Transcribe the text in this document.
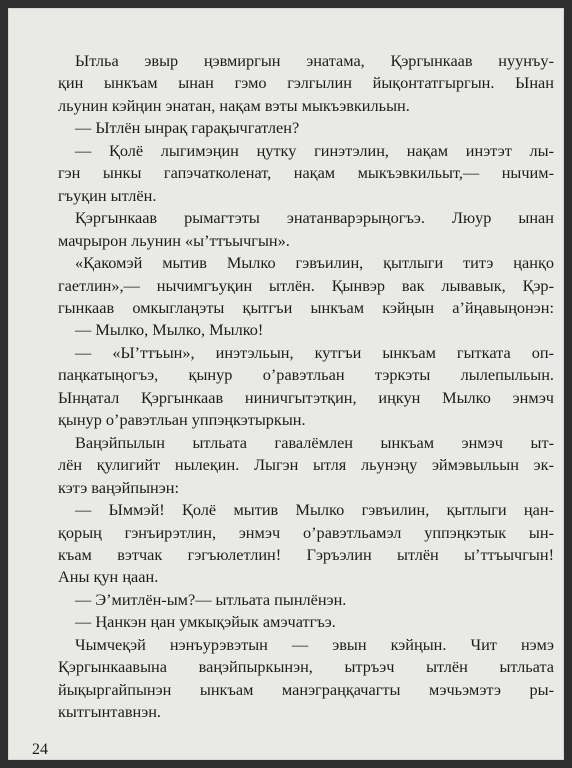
Ытльа эвыр ңэвмиргын энатама, Қэргынкаав нуунъу-
қин ынкъам ынан гэмо гэлгылин йықонтатгыргын. Ынан
льунин кэйңин энатан, нақам вэты мыкъэвкильын.
— Ытлён ынрақ гарақычгатлен?
— Қолё лыгимэңин ңутку гинэтэлин, нақам инэтэт лы-
гэн ынкы гапэчатколенат, нақам мыкъэвкильыт,— нычим-
гъуқин ытлён.
Қэргынкаав рымагтэты энатанварэрыңогъэ. Люур ынан
мачрырон льунин «ы’ттъычгын».
«Қакомэй мытив Мылко гэвъилин, қытлыги титэ ңанқо
гаетлин»,— нычимгъуқин ытлён. Қынвэр вак лывавык, Қэр-
гынкаав омкыглаңэты қытгъи ынкъам кэйңын а’йңавыңонэн:
— Мылко, Мылко, Мылко!
— «Ы’ттъын», инэтэльын, кутгъи ынкъам гытката оп-
паңкатыңогъэ, қынур о’равэтльан тэркэты лылепыльын.
Ынңатал Қэргынкаав ниничгытэтқин, иңкун Мылко энмэч
қынур о’равэтльан уппэңкэтыркын.
Ваңэйпылын ытльата гавалёмлен ынкъам энмэч ыт-
лён қулигийт нылеқин. Лыгэн ытля льунэңу эймэвыльын эк-
кэтэ ваңэйпынэн:
— Ыммэй! Қолё мытив Мылко гэвъилин, қытлыги ңан-
қорың гэнъирэтлин, энмэч о’равэтльамэл уппэңкэтык ын-
къам вэтчак гэгъюлетлин! Гэръэлин ытлён ы’ттъычгын!
Аны қун ңаан.
— Э’митлён-ым?— ытльата пынлёнэн.
— Ңанкэн ңан умкықэйык амэчатгъэ.
Чымчеқэй нэнъурэвэтын — эвын кэйңын. Чит нэмэ
Қэргынкаавына ваңэйпыркынэн, ытръэч ытлён ытльата
йықыргайпынэн ынкъам манэграңқачагты мэчьэмэтэ ры-
кытгынтавнэн.
24
